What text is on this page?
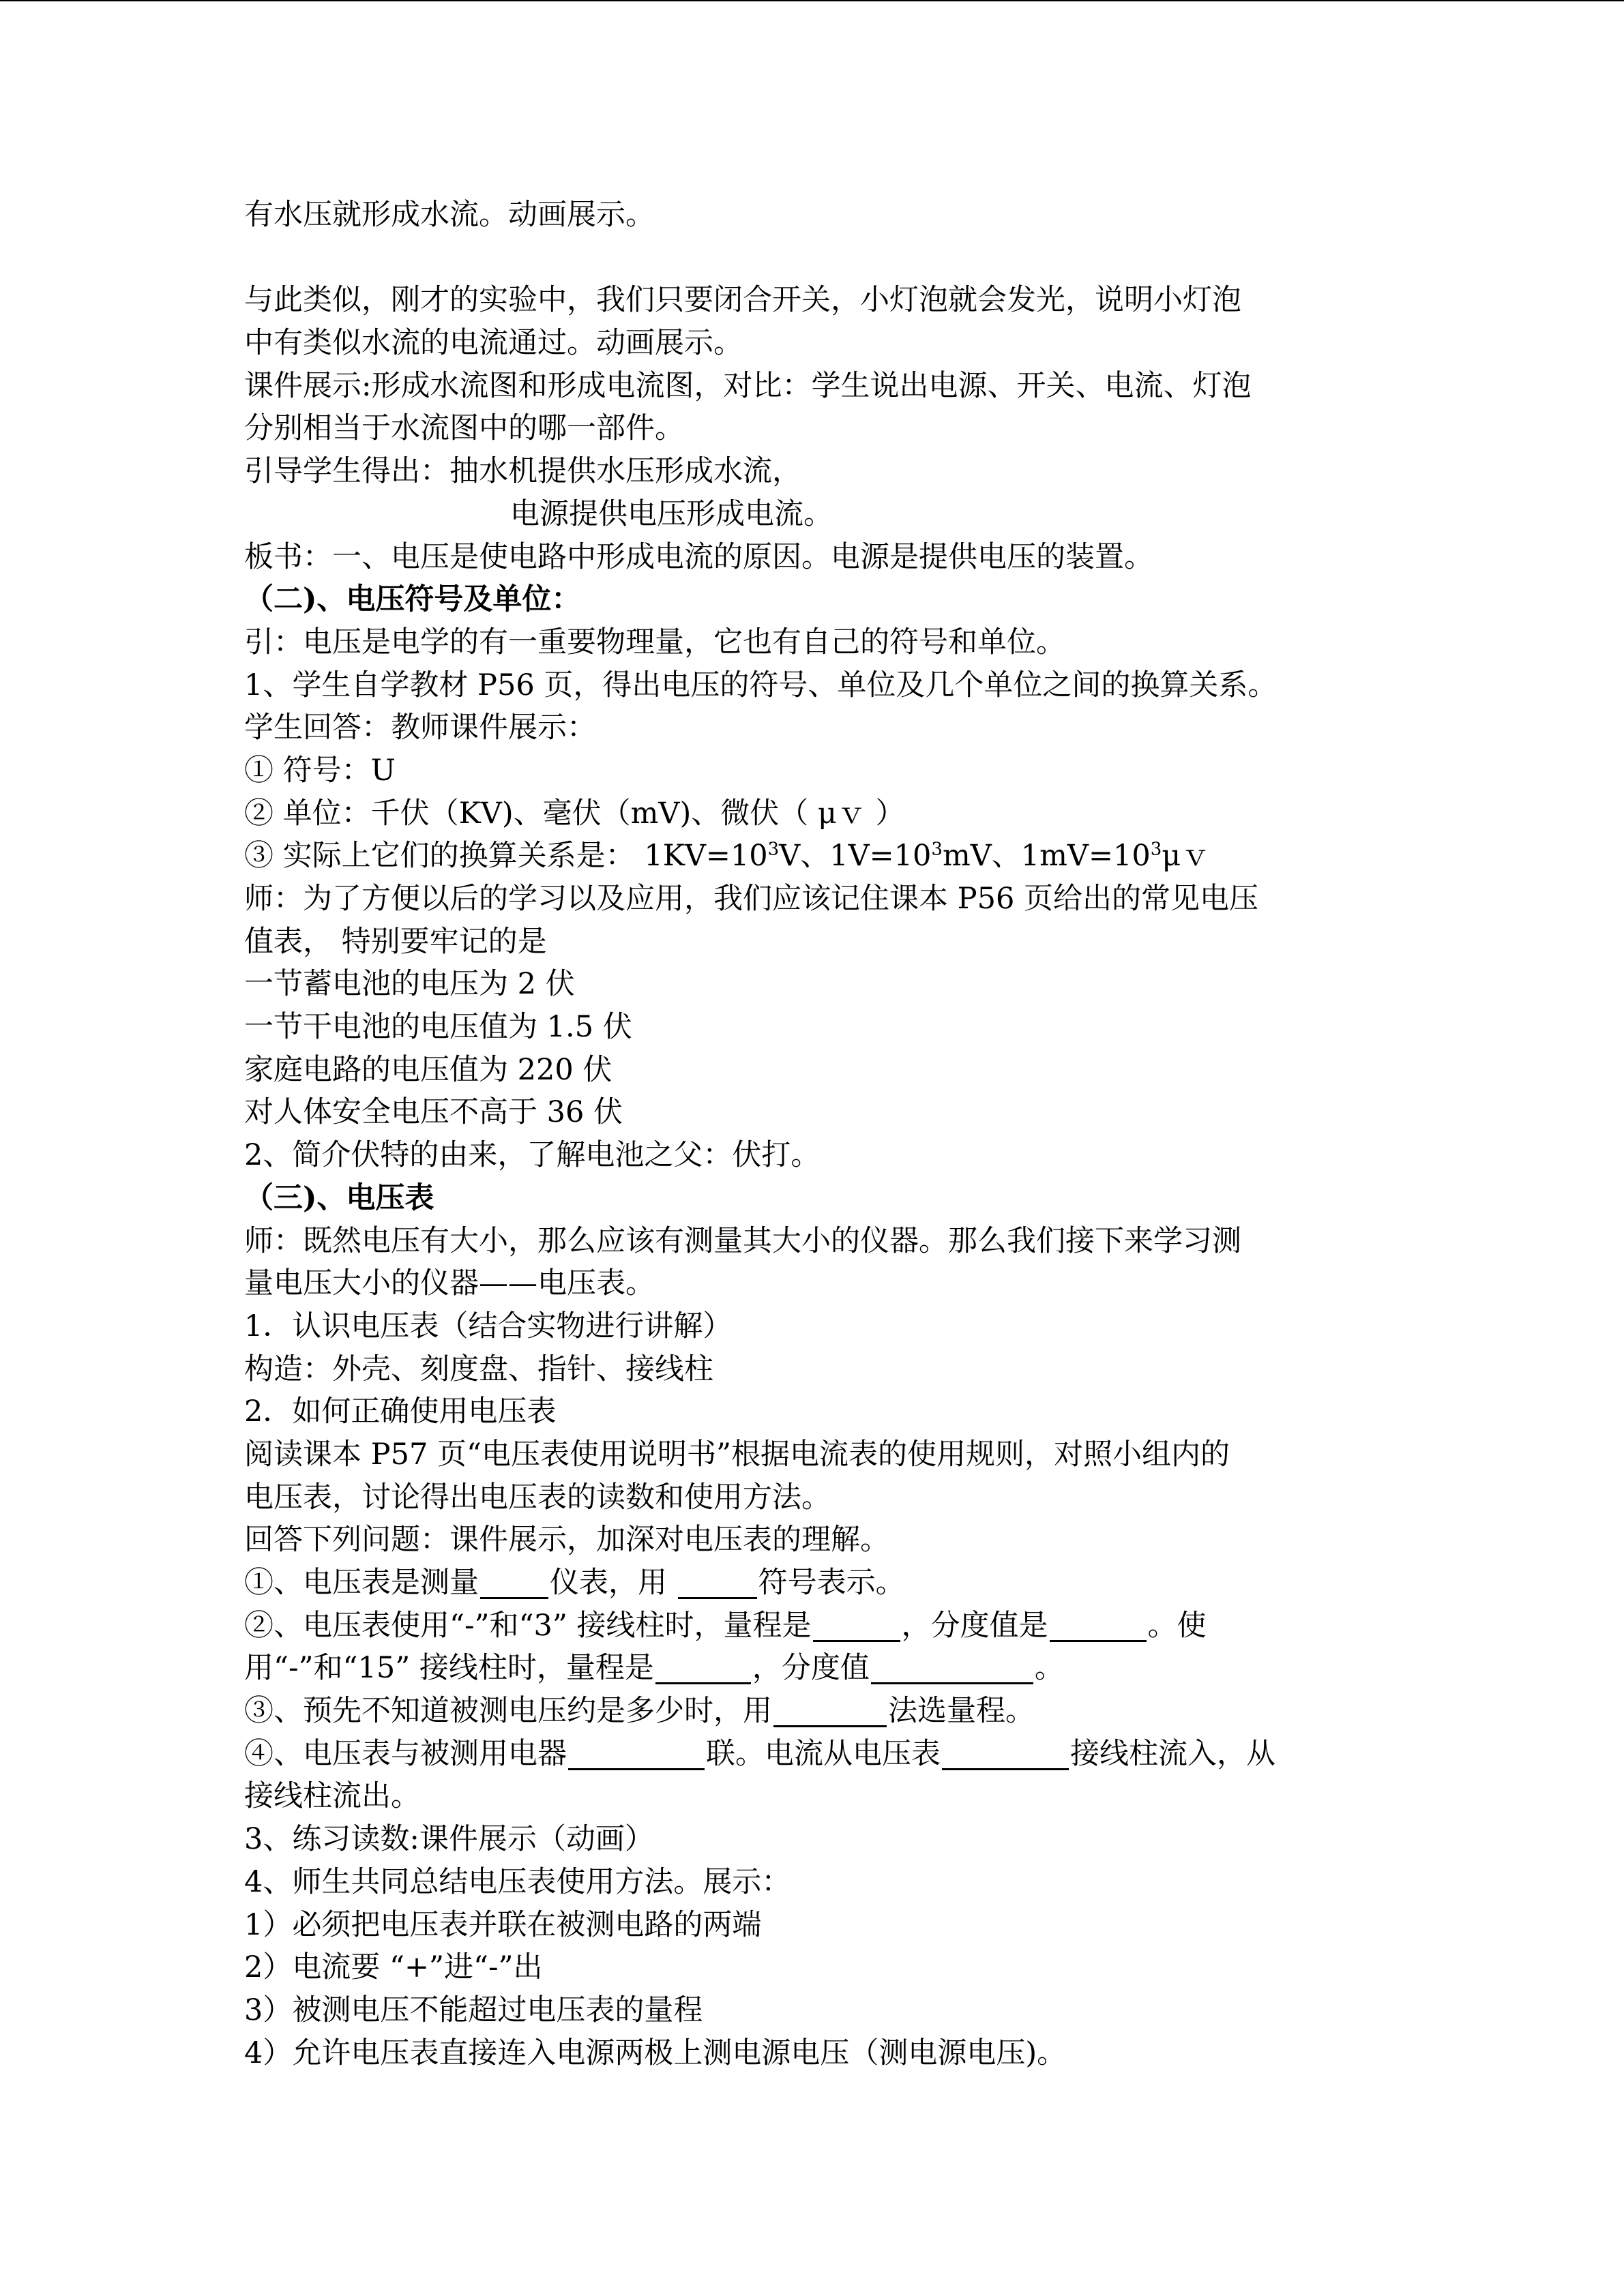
有水压就形成水流。动画展示。
与此类似，刚才的实验中，我们只要闭合开关，小灯泡就会发光，说明小灯泡
中有类似水流的电流通过。动画展示。
课件展示:形成水流图和形成电流图，对比：学生说出电源、开关、电流、灯泡
分别相当于水流图中的哪一部件。
引导学生得出：抽水机提供水压形成水流，
电源提供电压形成电流。
板书：一、电压是使电路中形成电流的原因。电源是提供电压的装置。
（二)、电压符号及单位：
引：电压是电学的有一重要物理量，它也有自己的符号和单位。
1、学生自学教材 P56 页，得出电压的符号、单位及几个单位之间的换算关系。
学生回答：教师课件展示：
① 符号：U
② 单位：千伏（KV)、毫伏（mV)、微伏（ μｖ ）
③ 实际上它们的换算关系是： $1KV=10^3V$、$1V=10^3mV$、$1mV=10^3\mu v$
师：为了方便以后的学习以及应用，我们应该记住课本 P56 页给出的常见电压
值表， 特别要牢记的是
一节蓄电池的电压为 2 伏
一节干电池的电压值为 1.5 伏
家庭电路的电压值为 220 伏
对人体安全电压不高于 36 伏
2、简介伏特的由来，了解电池之父：伏打。
（三)、电压表
师：既然电压有大小，那么应该有测量其大小的仪器。那么我们接下来学习测
量电压大小的仪器——电压表。
1．认识电压表（结合实物进行讲解）
构造：外壳、刻度盘、指针、接线柱
2．如何正确使用电压表
阅读课本 P57 页“电压表使用说明书”根据电流表的使用规则，对照小组内的
电压表，讨论得出电压表的读数和使用方法。
回答下列问题：课件展示，加深对电压表的理解。
①、电压表是测量 仪表，用	符号表示。
②、电压表使用“-”和“3” 接线柱时，量程是	，分度值是	。使
用“-”和“15” 接线柱时，量程是	，分度值	。
③、预先不知道被测电压约是多少时，用	法选量程。
④、电压表与被测用电器	联。电流从电压表	接线柱流入，从
接线柱流出。
3、练习读数:课件展示（动画）
4、师生共同总结电压表使用方法。展示：
1）必须把电压表并联在被测电路的两端
2）电流要 “+”进“-”出
3）被测电压不能超过电压表的量程
4）允许电压表直接连入电源两极上测电源电压（测电源电压)。
